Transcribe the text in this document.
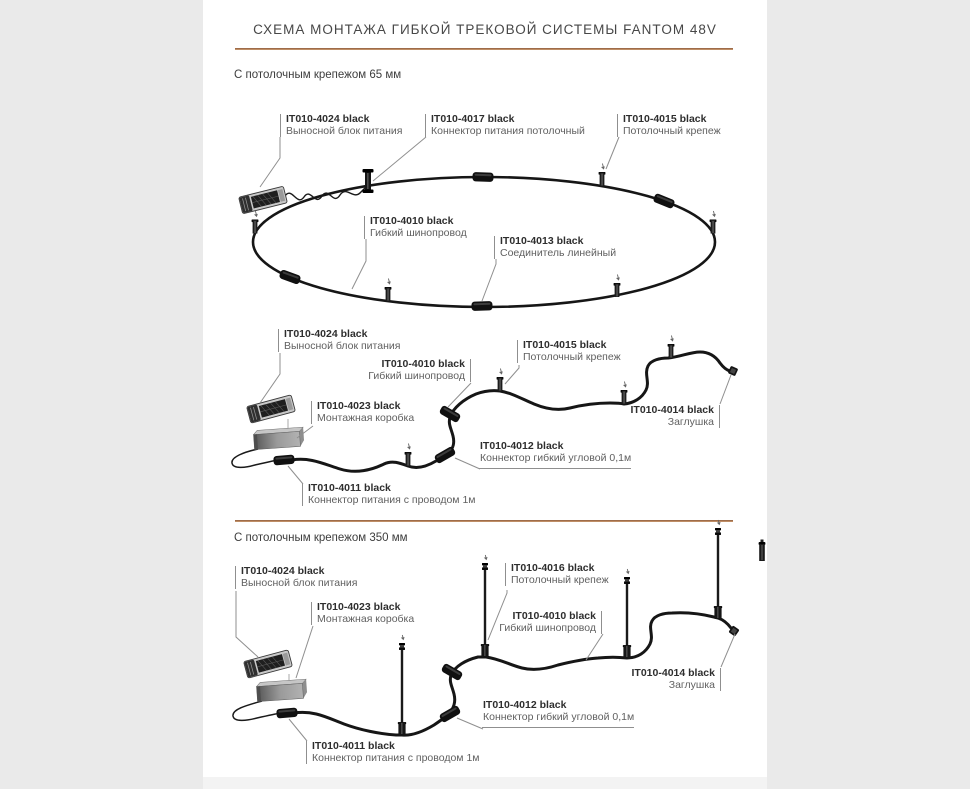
СХЕМА МОНТАЖА ГИБКОЙ ТРЕКОВОЙ СИСТЕМЫ FANTOM 48V
С потолочным крепежом 65 мм
С потолочным крепежом 350 мм
IT010-4024 black
Выносной блок питания
IT010-4017 black
Коннектор питания потолочный
IT010-4015 black
Потолочный крепеж
IT010-4010 black
Гибкий шинопровод
IT010-4013 black
Соединитель линейный
IT010-4024 black
Выносной блок питания
IT010-4010 black
Гибкий шинопровод
IT010-4023 black
Монтажная коробка
IT010-4015 black
Потолочный крепеж
IT010-4014 black
Заглушка
IT010-4012 black
Коннектор гибкий угловой 0,1м
IT010-4011 black
Коннектор питания с проводом 1м
IT010-4024 black
Выносной блок питания
IT010-4023 black
Монтажная коробка
IT010-4016 black
Потолочный крепеж
IT010-4010 black
Гибкий шинопровод
IT010-4014 black
Заглушка
IT010-4012 black
Коннектор гибкий угловой 0,1м
IT010-4011 black
Коннектор питания с проводом 1м
